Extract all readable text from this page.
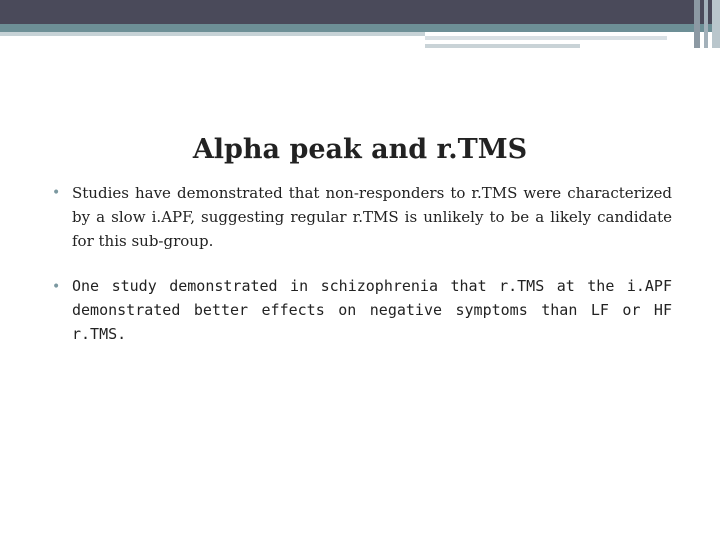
Alpha peak and r.TMS
• Studies have demonstrated that non-responders to r.TMS were characterized by a slow i.APF, suggesting regular r.TMS is unlikely to be a likely candidate for this sub-group.
• One study demonstrated in schizophrenia that r.TMS at the i.APF demonstrated better effects on negative symptoms than LF or HF r.TMS.
